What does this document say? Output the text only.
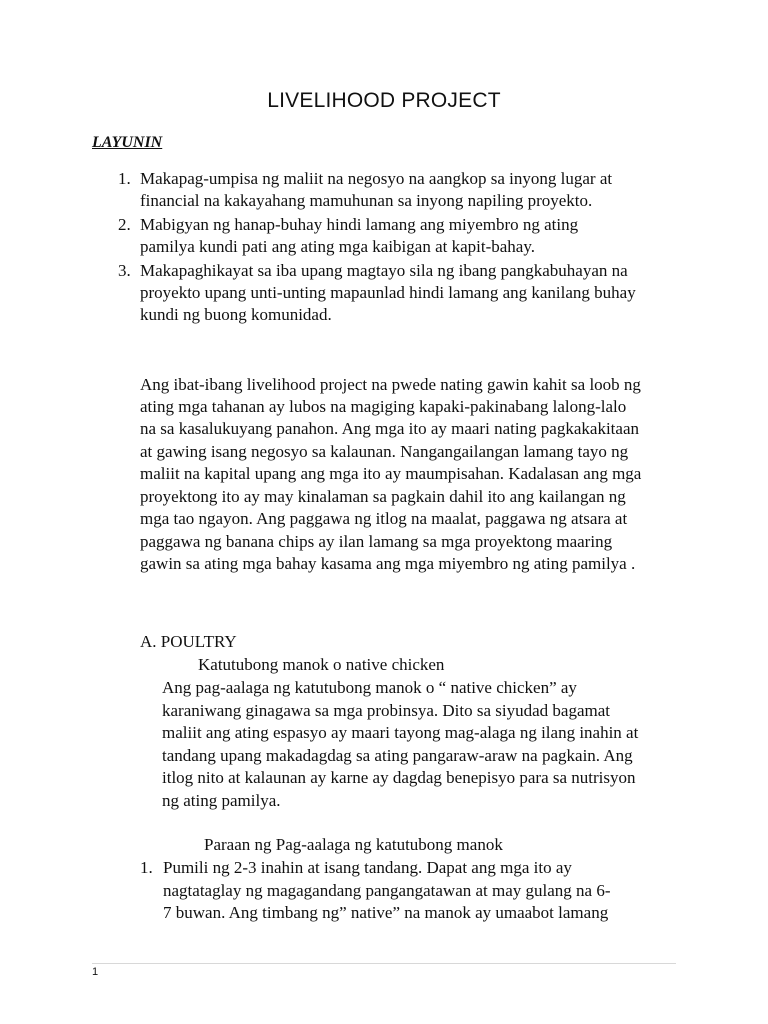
LIVELIHOOD PROJECT
LAYUNIN
1. Makapag-umpisa ng maliit na negosyo na aangkop sa inyong lugar at
financial na kakayahang mamuhunan sa inyong napiling proyekto.
2. Mabigyan ng hanap-buhay hindi lamang ang miyembro ng ating
pamilya kundi pati ang ating mga kaibigan at kapit-bahay.
3. Makapaghikayat sa iba upang magtayo sila ng ibang pangkabuhayan na
proyekto upang unti-unting mapaunlad hindi lamang ang kanilang buhay
kundi ng buong komunidad.
Ang ibat-ibang livelihood project na pwede nating gawin kahit sa loob ng
ating mga tahanan ay lubos na magiging kapaki-pakinabang lalong-lalo
na sa kasalukuyang panahon. Ang mga ito ay maari nating pagkakakitaan
at gawing isang negosyo sa kalaunan. Nangangailangan lamang tayo ng
maliit na kapital upang ang mga ito ay maumpisahan. Kadalasan ang mga
proyektong ito ay may kinalaman sa pagkain dahil ito ang kailangan ng
mga tao ngayon. Ang paggawa ng itlog na maalat, paggawa ng atsara at
paggawa ng banana chips ay ilan lamang sa mga proyektong maaring
gawin sa ating mga bahay kasama ang mga miyembro ng ating pamilya .
A. POULTRY
Katutubong manok o native chicken
Ang pag-aalaga ng katutubong manok o “ native chicken” ay
karaniwang ginagawa sa mga probinsya. Dito sa siyudad bagamat
maliit ang ating espasyo ay maari tayong mag-alaga ng ilang inahin at
tandang upang makadagdag sa ating pangaraw-araw na pagkain. Ang
itlog nito at kalaunan ay karne ay dagdag benepisyo para sa nutrisyon
ng ating pamilya.
Paraan ng Pag-aalaga ng katutubong manok
1. Pumili ng 2-3 inahin at isang tandang. Dapat ang mga ito ay
nagtataglay ng magagandang pangangatawan at may gulang na 6-
7 buwan. Ang timbang ng” native” na manok ay umaabot lamang
1
